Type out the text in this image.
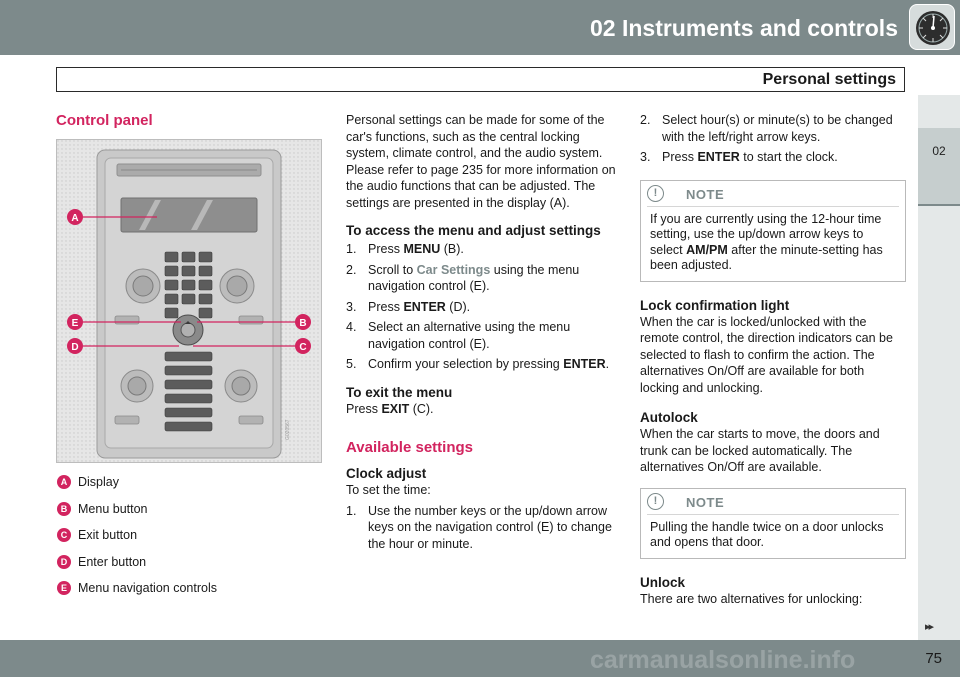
02 Instruments and controls
Personal settings
02
▸▸
carmanualsonline.info	75
Control panel
A
E
D
B
C
G020567
A Display
B Menu button
C Exit button
D Enter button
E Menu navigation controls
Personal settings can be made for some of the car's functions, such as the central locking system, climate control, and the audio system. Please refer to page 235 for more information on the audio functions that can be adjusted. The settings are presented in the display (A).
To access the menu and adjust settings
1. Press MENU (B).
2. Scroll to Car Settings using the menu navigation control (E).
3. Press ENTER (D).
4. Select an alternative using the menu navigation control (E).
5. Confirm your selection by pressing ENTER.
To exit the menu
Press EXIT (C).
Available settings
Clock adjust
To set the time:
1. Use the number keys or the up/down arrow keys on the navigation control (E) to change the hour or minute.
2. Select hour(s) or minute(s) to be changed with the left/right arrow keys.
3. Press ENTER to start the clock.
!	NOTE
If you are currently using the 12-hour time setting, use the up/down arrow keys to select AM/PM after the minute-setting has been adjusted.
Lock confirmation light
When the car is locked/unlocked with the remote control, the direction indicators can be selected to flash to confirm the action. The alternatives On/Off are available for both locking and unlocking.
Autolock
When the car starts to move, the doors and trunk can be locked automatically. The alternatives On/Off are available.
!	NOTE
Pulling the handle twice on a door unlocks and opens that door.
Unlock
There are two alternatives for unlocking:
